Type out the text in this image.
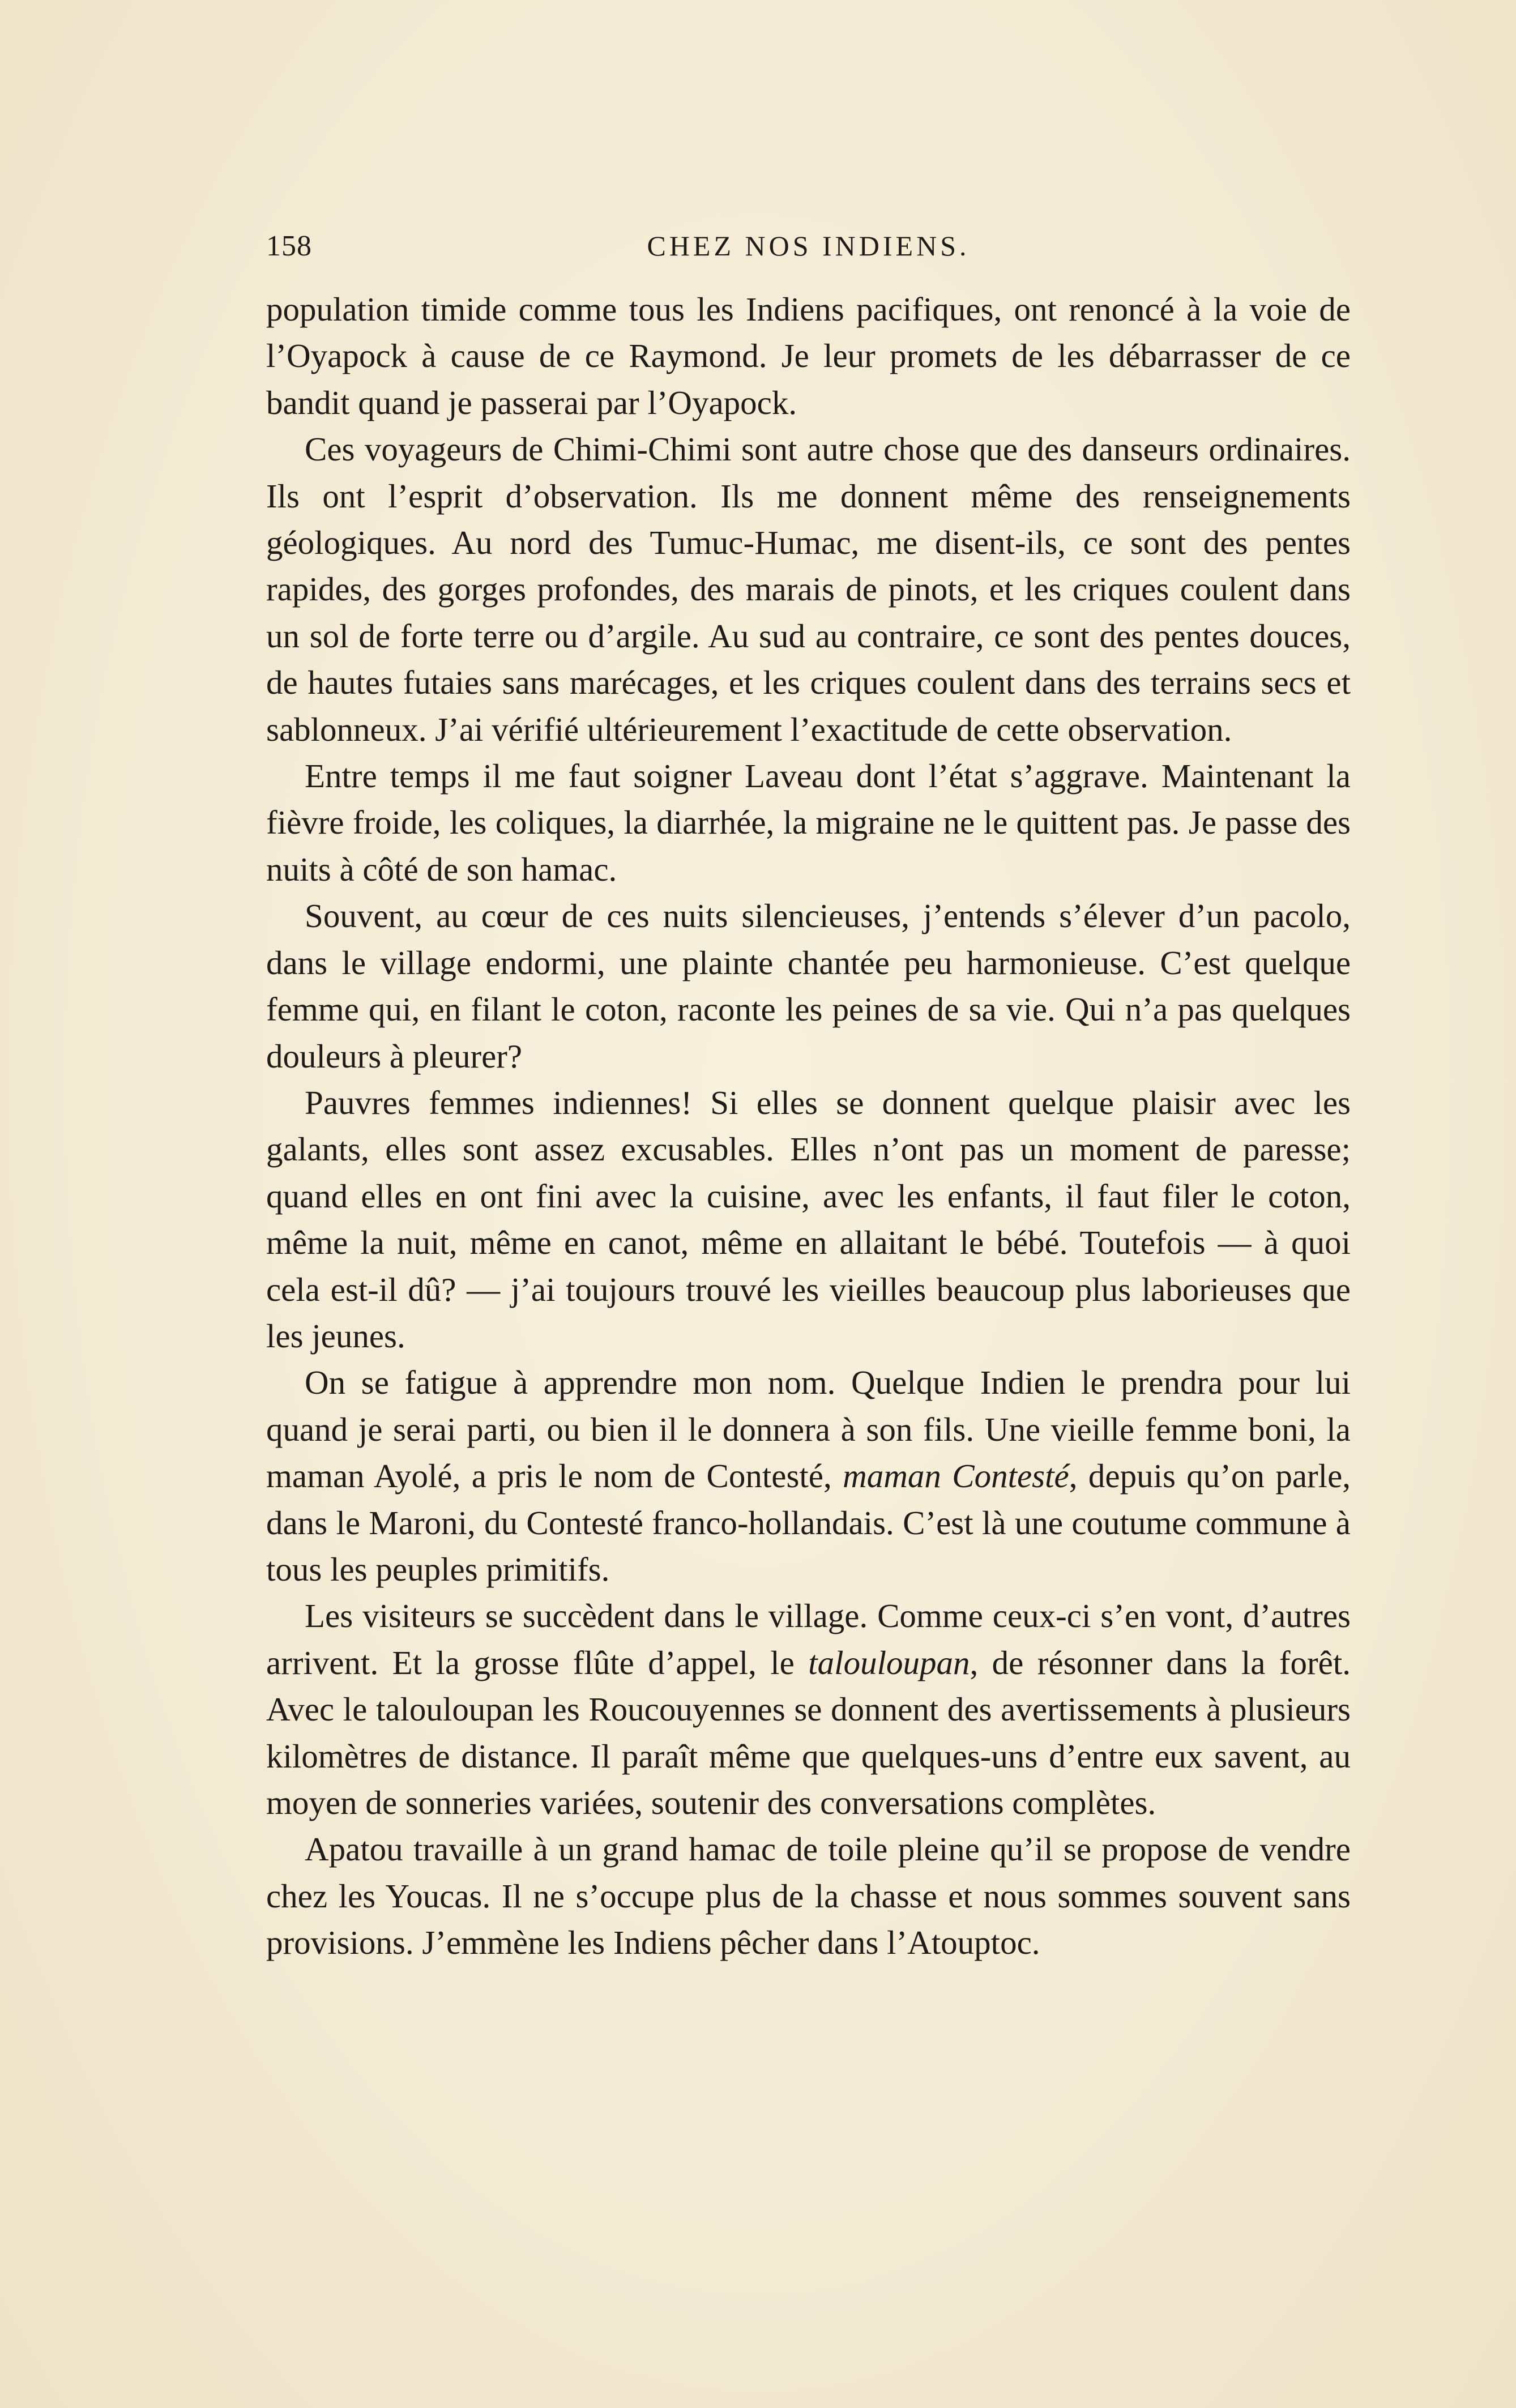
158	CHEZ NOS INDIENS.

population timide comme tous les Indiens pacifiques, ont renoncé à la voie de l’Oyapock à cause de ce Raymond. Je leur promets de les débarrasser de ce bandit quand je passerai par l’Oyapock.

Ces voyageurs de Chimi-Chimi sont autre chose que des danseurs ordinaires. Ils ont l’esprit d’observation. Ils me donnent même des renseignements géologiques. Au nord des Tumuc-Humac, me disent-ils, ce sont des pentes rapides, des gorges profondes, des marais de pinots, et les criques coulent dans un sol de forte terre ou d’argile. Au sud au contraire, ce sont des pentes douces, de hautes futaies sans marécages, et les criques coulent dans des terrains secs et sablonneux. J’ai vérifié ultérieurement l’exactitude de cette observation.

Entre temps il me faut soigner Laveau dont l’état s’aggrave. Maintenant la fièvre froide, les coliques, la diarrhée, la migraine ne le quittent pas. Je passe des nuits à côté de son hamac.

Souvent, au cœur de ces nuits silencieuses, j’entends s’élever d’un pacolo, dans le village endormi, une plainte chantée peu harmonieuse. C’est quelque femme qui, en filant le coton, raconte les peines de sa vie. Qui n’a pas quelques douleurs à pleurer?

Pauvres femmes indiennes! Si elles se donnent quelque plaisir avec les galants, elles sont assez excusables. Elles n’ont pas un moment de paresse; quand elles en ont fini avec la cuisine, avec les enfants, il faut filer le coton, même la nuit, même en canot, même en allaitant le bébé. Toutefois — à quoi cela est-il dû? — j’ai toujours trouvé les vieilles beaucoup plus laborieuses que les jeunes.

On se fatigue à apprendre mon nom. Quelque Indien le prendra pour lui quand je serai parti, ou bien il le donnera à son fils. Une vieille femme boni, la maman Ayolé, a pris le nom de Contesté, maman Contesté, depuis qu’on parle, dans le Maroni, du Contesté franco-hollandais. C’est là une coutume commune à tous les peuples primitifs.

Les visiteurs se succèdent dans le village. Comme ceux-ci s’en vont, d’autres arrivent. Et la grosse flûte d’appel, le talouloupan, de résonner dans la forêt. Avec le talouloupan les Roucouyennes se donnent des avertissements à plusieurs kilomètres de distance. Il paraît même que quelques-uns d’entre eux savent, au moyen de sonneries variées, soutenir des conversations complètes.

Apatou travaille à un grand hamac de toile pleine qu’il se propose de vendre chez les Youcas. Il ne s’occupe plus de la chasse et nous sommes souvent sans provisions. J’emmène les Indiens pêcher dans l’Atouptoc.
